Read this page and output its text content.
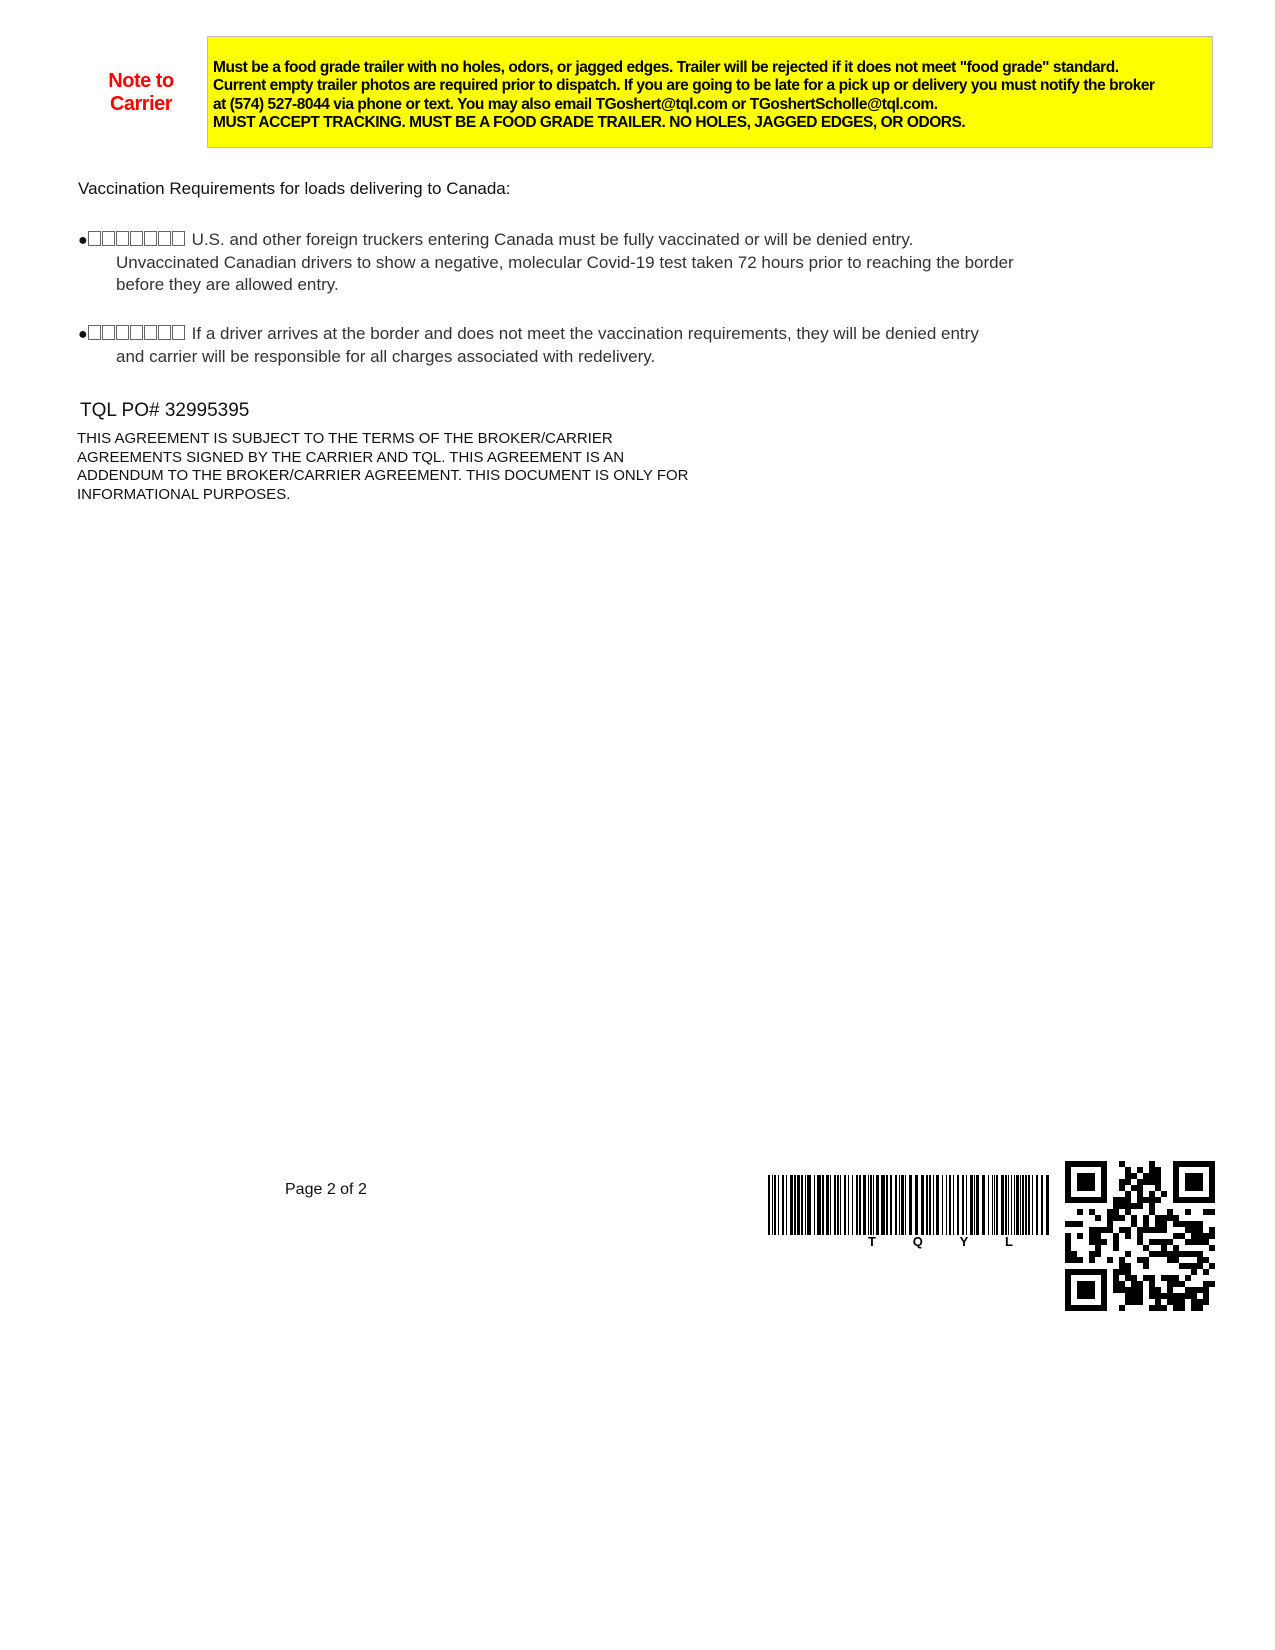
Note to
Carrier
Must be a food grade trailer with no holes, odors, or jagged edges. Trailer will be rejected if it does not meet "food grade" standard.
Current empty trailer photos are required prior to dispatch. If you are going to be late for a pick up or delivery you must notify the broker
at (574) 527-8044 via phone or text. You may also email TGoshert@tql.com or TGoshertScholle@tql.com.
MUST ACCEPT TRACKING. MUST BE A FOOD GRADE TRAILER. NO HOLES, JAGGED EDGES, OR ODORS.
Vaccination Requirements for loads delivering to Canada:
●	U.S. and other foreign truckers entering Canada must be fully vaccinated or will be denied entry.
Unvaccinated Canadian drivers to show a negative, molecular Covid-19 test taken 72 hours prior to reaching the border before they are allowed entry.
●	If a driver arrives at the border and does not meet the vaccination requirements, they will be denied entry
and carrier will be responsible for all charges associated with redelivery.
TQL PO# 32995395
THIS AGREEMENT IS SUBJECT TO THE TERMS OF THE BROKER/CARRIER
AGREEMENTS SIGNED BY THE CARRIER AND TQL. THIS AGREEMENT IS AN
ADDENDUM TO THE BROKER/CARRIER AGREEMENT. THIS DOCUMENT IS ONLY FOR
INFORMATIONAL PURPOSES.
Page 2 of 2
T	Q	Y	L
